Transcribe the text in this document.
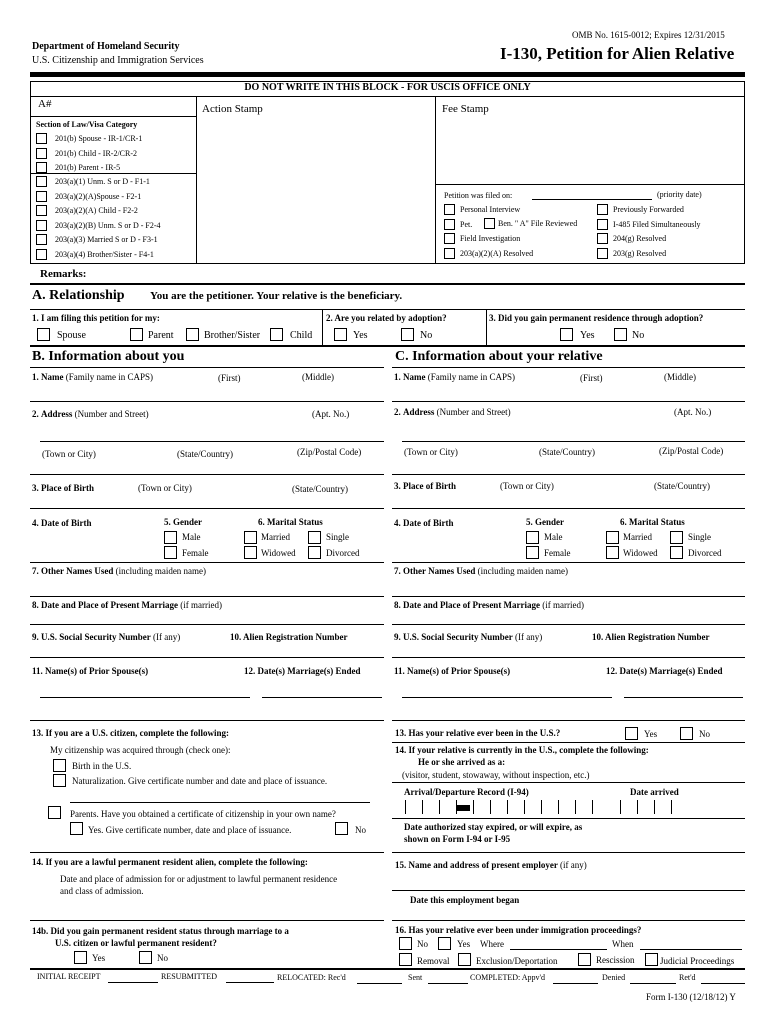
OMB No. 1615-0012; Expires 12/31/2015
Department of Homeland Security
U.S. Citizenship and Immigration Services	I-130, Petition for Alien Relative
DO NOT WRITE IN THIS BLOCK - FOR USCIS OFFICE ONLY
A#
Section of Law/Visa Category
Action Stamp	Fee Stamp
Petition was filed on:	(priority date)
Remarks:
A. Relationship You are the petitioner. Your relative is the beneficiary.
1. I am filing this petition for my:	2. Are you related by adoption?	3. Did you gain permanent residence through adoption?
B. Information about you	C. Information about your relative
13. If you are a U.S. citizen, complete the following:
My citizenship was acquired through (check one):
Birth in the U.S.
Naturalization. Give certificate number and date and place of issuance.
Parents. Have you obtained a certificate of citizenship in your own name?
Yes. Give certificate number, date and place of issuance.	No
14. If you are a lawful permanent resident alien, complete the following:
Date and place of admission for or adjustment to lawful permanent residence and class of admission.
14b. Did you gain permanent resident status through marriage to a
U.S. citizen or lawful permanent resident?
Yes	No
13. Has your relative ever been in the U.S.?	Yes	No
14. If your relative is currently in the U.S., complete the following:
He or she arrived as a:
(visitor, student, stowaway, without inspection, etc.)
Arrival/Departure Record (I-94)	Date arrived
Date authorized stay expired, or will expire, as
shown on Form I-94 or I-95
15. Name and address of present employer (if any)
Date this employment began
16. Has your relative ever been under immigration proceedings?
No	Yes Where	When
Removal	Exclusion/Deportation	Rescission	Judicial Proceedings
INITIAL RECEIPT	RESUBMITTED	RELOCATED: Rec'd	Sent	COMPLETED: Appv'd	Denied	Ret'd
Form I-130 (12/18/12) Y
201(b) Spouse - IR-1/CR-1
201(b) Child - IR-2/CR-2
201(b) Parent - IR-5
203(a)(1) Unm. S or D - F1-1
203(a)(2)(A)Spouse - F2-1
203(a)(2)(A) Child - F2-2
203(a)(2)(B) Unm. S or D - F2-4
203(a)(3) Married S or D - F3-1
203(a)(4) Brother/Sister - F4-1
Personal Interview	Previously Forwarded
Pet.	I-485 Filed Simultaneously
Field Investigation	204(g) Resolved
203(a)(2)(A) Resolved	203(g) Resolved
Ben. " A" File Reviewed
Spouse	Parent	Brother/Sister	Child	Yes	No	Yes	No
1. Name (Family name in CAPS)	(First)	(Middle)
2. Address (Number and Street)	(Apt. No.)
(Town or City)	(State/Country)	(Zip/Postal Code)
3. Place of Birth	(Town or City)	(State/Country)
4. Date of Birth	5. Gender
Male
Female
6. Marital Status
Married
Widowed
Single
Divorced
7. Other Names Used (including maiden name)
8. Date and Place of Present Marriage (if married)
9. U.S. Social Security Number (If any)	10. Alien Registration Number
11. Name(s) of Prior Spouse(s)	12. Date(s) Marriage(s) Ended
1. Name (Family name in CAPS)	(First)	(Middle)
2. Address (Number and Street)	(Apt. No.)
(Town or City)	(State/Country)	(Zip/Postal Code)
3. Place of Birth	(Town or City)	(State/Country)
4. Date of Birth	5. Gender
Male
Female
6. Marital Status
Married
Widowed
Single
Divorced
7. Other Names Used (including maiden name)
8. Date and Place of Present Marriage (if married)
9. U.S. Social Security Number (If any)	10. Alien Registration Number
11. Name(s) of Prior Spouse(s)	12. Date(s) Marriage(s) Ended
